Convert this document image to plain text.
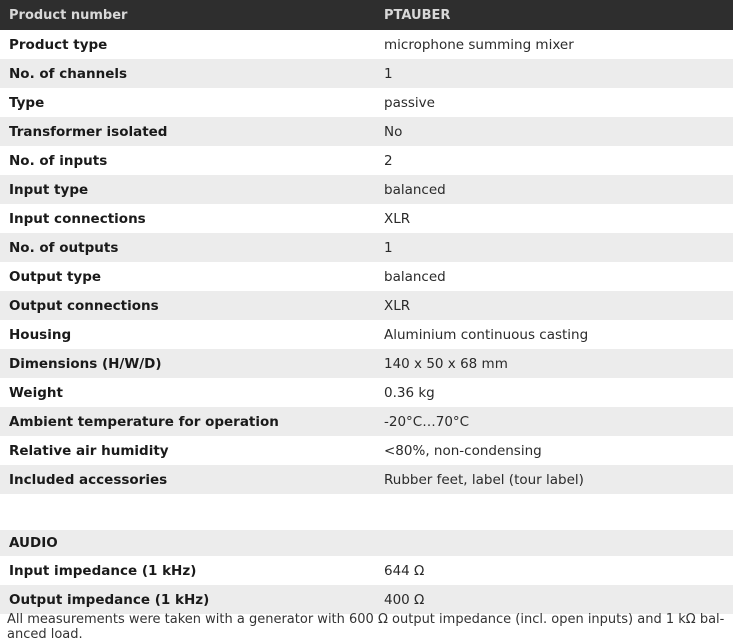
Product number	PTAUBER
Product type	microphone summing mixer
No. of channels	1
Type	passive
Transformer isolated	No
No. of inputs	2
Input type	balanced
Input connections	XLR
No. of outputs	1
Output type	balanced
Output connections	XLR
Housing	Aluminium continuous casting
Dimensions (H/W/D)	140 x 50 x 68 mm
Weight	0.36 kg
Ambient temperature for operation	-20°C…70°C
Relative air humidity	<80%, non-condensing
Included accessories	Rubber feet, label (tour label)
AUDIO
Input impedance (1 kHz)	644 Ω
Output impedance (1 kHz)	400 Ω
All measurements were taken with a generator with 600 Ω output impedance (incl. open inputs) and 1 kΩ bal-
anced load.
